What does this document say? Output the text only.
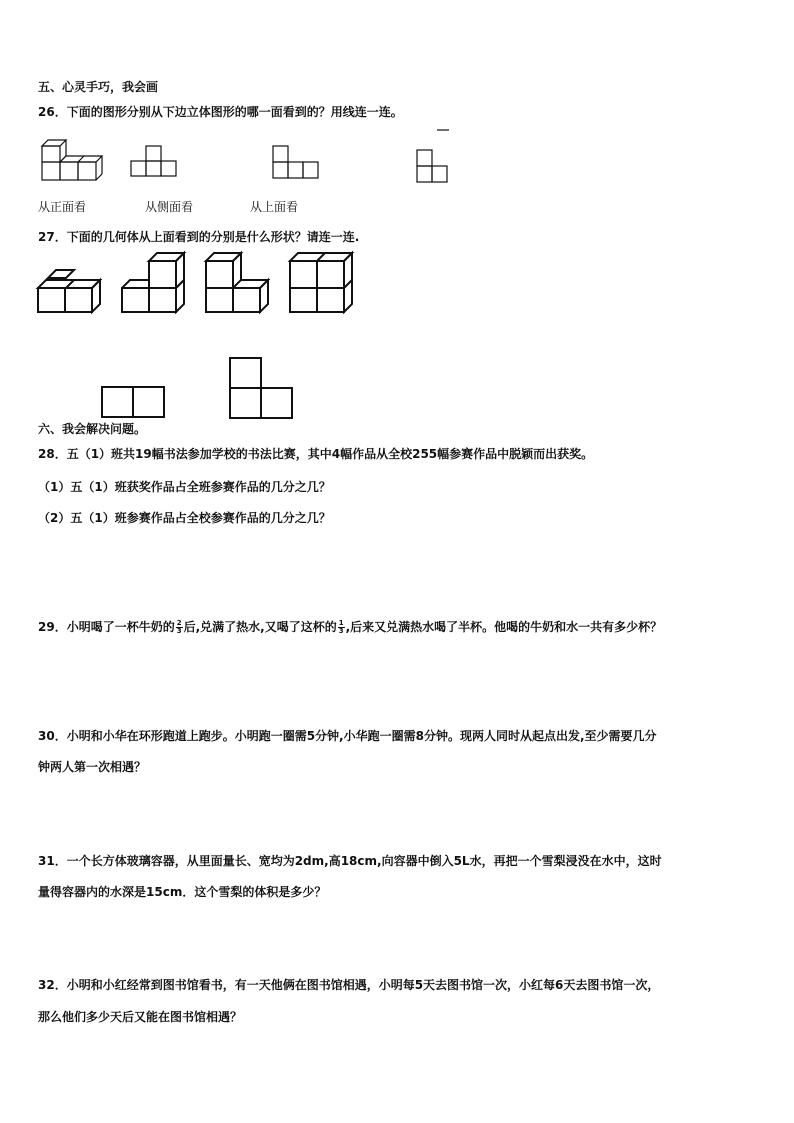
五、心灵手巧，我会画
26．下面的图形分别从下边立体图形的哪一面看到的？用线连一连。
从正面看	从侧面看	从上面看
27．下面的几何体从上面看到的分别是什么形状？请连一连.
六、我会解决问题。
28．五（1）班共19幅书法参加学校的书法比赛，其中4幅作品从全校255幅参赛作品中脱颖而出获奖。
（1）五（1）班获奖作品占全班参赛作品的几分之几？
（2）五（1）班参赛作品占全校参赛作品的几分之几？
29．小明喝了一杯牛奶的 $\frac{2}{3}$ 后,兑满了热水,又喝了这杯的 $\frac{1}{3}$ ,后来又兑满热水喝了半杯。他喝的牛奶和水一共有多少杯？
30．小明和小华在环形跑道上跑步。小明跑一圈需5分钟,小华跑一圈需8分钟。现两人同时从起点出发,至少需要几分
钟两人第一次相遇？
31．一个长方体玻璃容器，从里面量长、宽均为2dm,高18cm,向容器中倒入5L水，再把一个雪梨浸没在水中，这时
量得容器内的水深是15cm．这个雪梨的体积是多少？
32．小明和小红经常到图书馆看书，有一天他俩在图书馆相遇，小明每5天去图书馆一次，小红每6天去图书馆一次，
那么他们多少天后又能在图书馆相遇？
